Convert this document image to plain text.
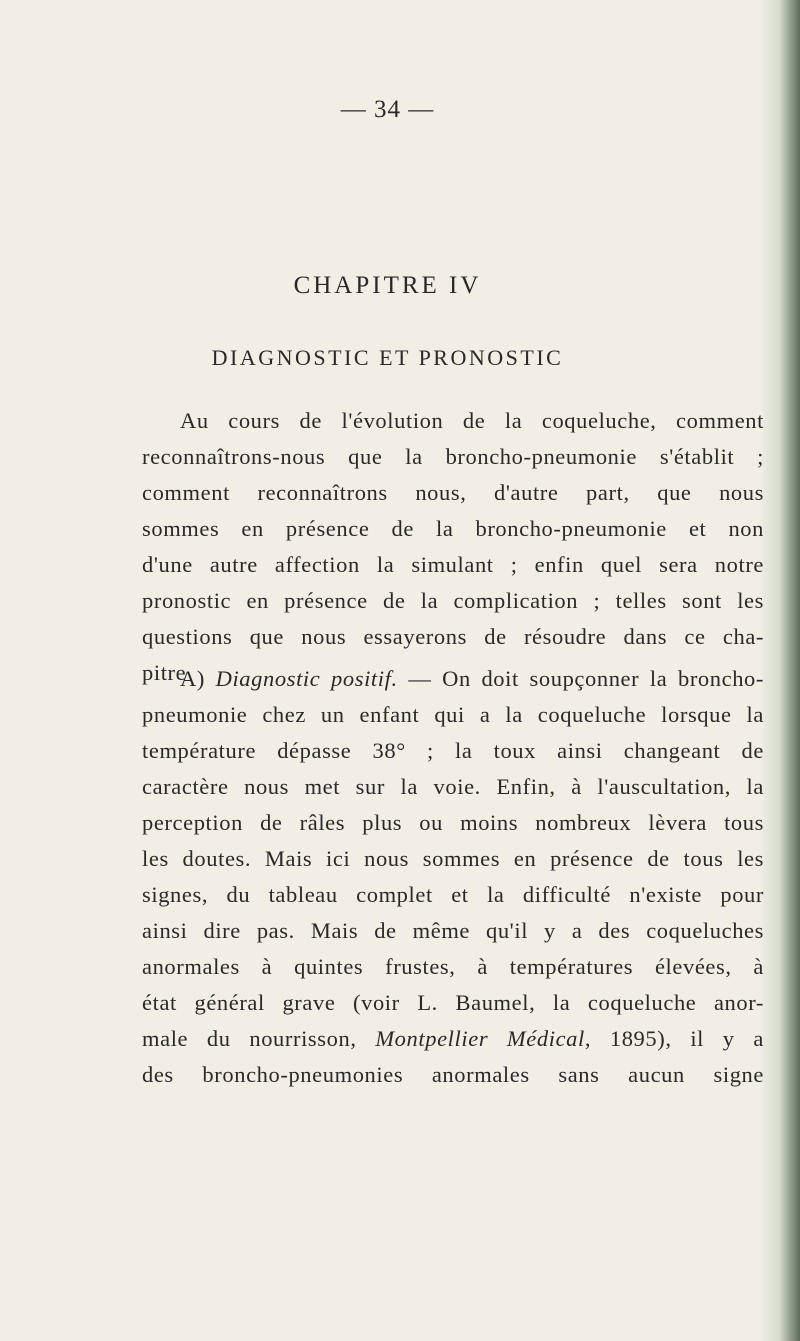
— 34 —
CHAPITRE IV
DIAGNOSTIC ET PRONOSTIC

Au cours de l'évolution de la coqueluche, comment
reconnaîtrons-nous que la broncho-pneumonie s'établit ;
comment reconnaîtrons nous, d'autre part, que nous
sommes en présence de la broncho-pneumonie et non
d'une autre affection la simulant ; enfin quel sera notre
pronostic en présence de la complication ; telles sont les
questions que nous essayerons de résoudre dans ce cha-
pitre

A) Diagnostic positif. — On doit soupçonner la broncho-
pneumonie chez un enfant qui a la coqueluche lorsque la
température dépasse 38° ; la toux ainsi changeant de
caractère nous met sur la voie. Enfin, à l'auscultation, la
perception de râles plus ou moins nombreux lèvera tous
les doutes. Mais ici nous sommes en présence de tous les
signes, du tableau complet et la difficulté n'existe pour
ainsi dire pas. Mais de même qu'il y a des coqueluches
anormales à quintes frustes, à températures élevées, à
état général grave (voir L. Baumel, la coqueluche anor-
male du nourrisson, Montpellier Médical, 1895), il y a
des broncho-pneumonies anormales sans aucun signe
